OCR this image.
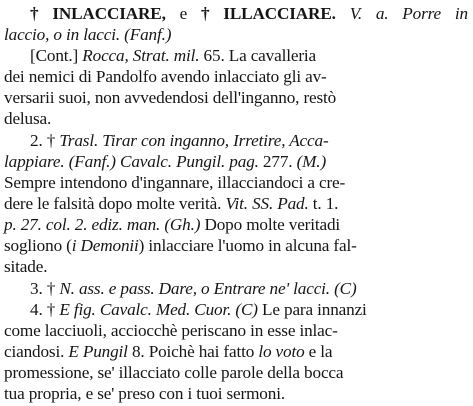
† INLACCIARE, e † ILLACCIARE. V. a. Porre in
laccio, o in lacci. (Fanf.)
[Cont.] Rocca, Strat. mil. 65. La cavalleria
dei nemici di Pandolfo avendo inlacciato gli av-
versarii suoi, non avvedendosi dell'inganno, restò
delusa.
2. † Trasl. Tirar con inganno, Irretire, Acca-
lappiare. (Fanf.) Cavalc. Pungil. pag. 277. (M.)
Sempre intendono d'ingannare, illacciandoci a cre-
dere le falsità dopo molte verità. Vit. SS. Pad. t. 1.
p. 27. col. 2. ediz. man. (Gh.) Dopo molte veritadi
sogliono (i Demonii) inlacciare l'uomo in alcuna fal-
sitade.
3. † N. ass. e pass. Dare, o Entrare ne' lacci. (C)
4. † E fig. Cavalc. Med. Cuor. (C) Le para innanzi
come lacciuoli, acciocchè periscano in esse inlac-
ciandosi. E Pungil 8. Poichè hai fatto lo voto e la
promessione, se' illacciato colle parole della bocca
tua propria, e se' preso con i tuoi sermoni.
